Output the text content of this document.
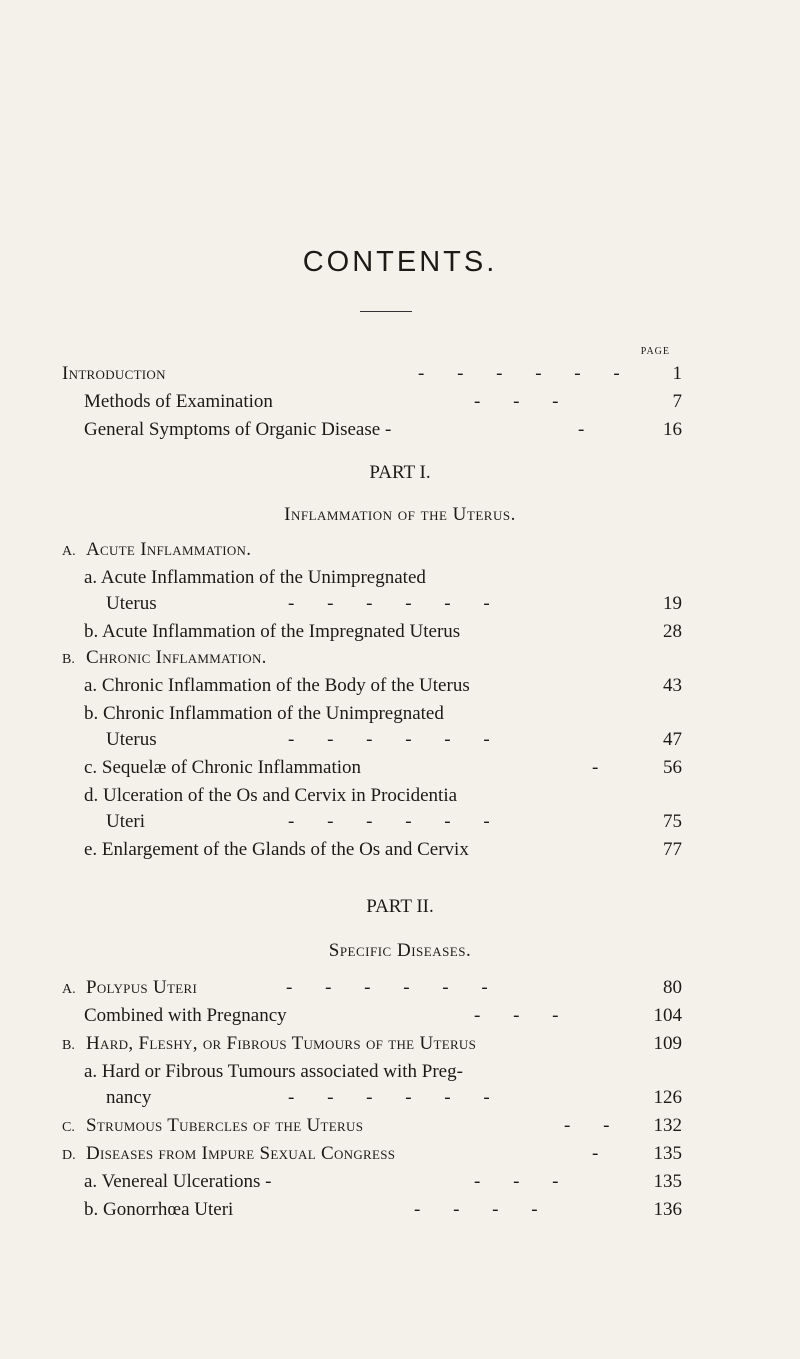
CONTENTS.
PAGE
Introduction	- - - - - -	1
Methods of Examination	- - -	7
General Symptoms of Organic Disease -	-	16
PART I.
Inflammation of the Uterus.
A. Acute Inflammation.
a. Acute Inflammation of the Unimpregnated
Uterus	- - - - - -	19
b. Acute Inflammation of the Impregnated Uterus	28
B. Chronic Inflammation.
a. Chronic Inflammation of the Body of the Uterus	43
b. Chronic Inflammation of the Unimpregnated
Uterus	- - - - - -	47
c. Sequelæ of Chronic Inflammation	-	56
d. Ulceration of the Os and Cervix in Procidentia
Uteri	- - - - - -	75
e. Enlargement of the Glands of the Os and Cervix	77
PART II.
Specific Diseases.
A. Polypus Uteri	- - - - - -	80
Combined with Pregnancy	- - -	104
B. Hard, Fleshy, or Fibrous Tumours of the Uterus	109
a. Hard or Fibrous Tumours associated with Preg-
nancy	- - - - - -	126
C. Strumous Tubercles of the Uterus	- -	132
D. Diseases from Impure Sexual Congress	-	135
a. Venereal Ulcerations -	- - -	135
b. Gonorrhœa Uteri	- - - -	136
